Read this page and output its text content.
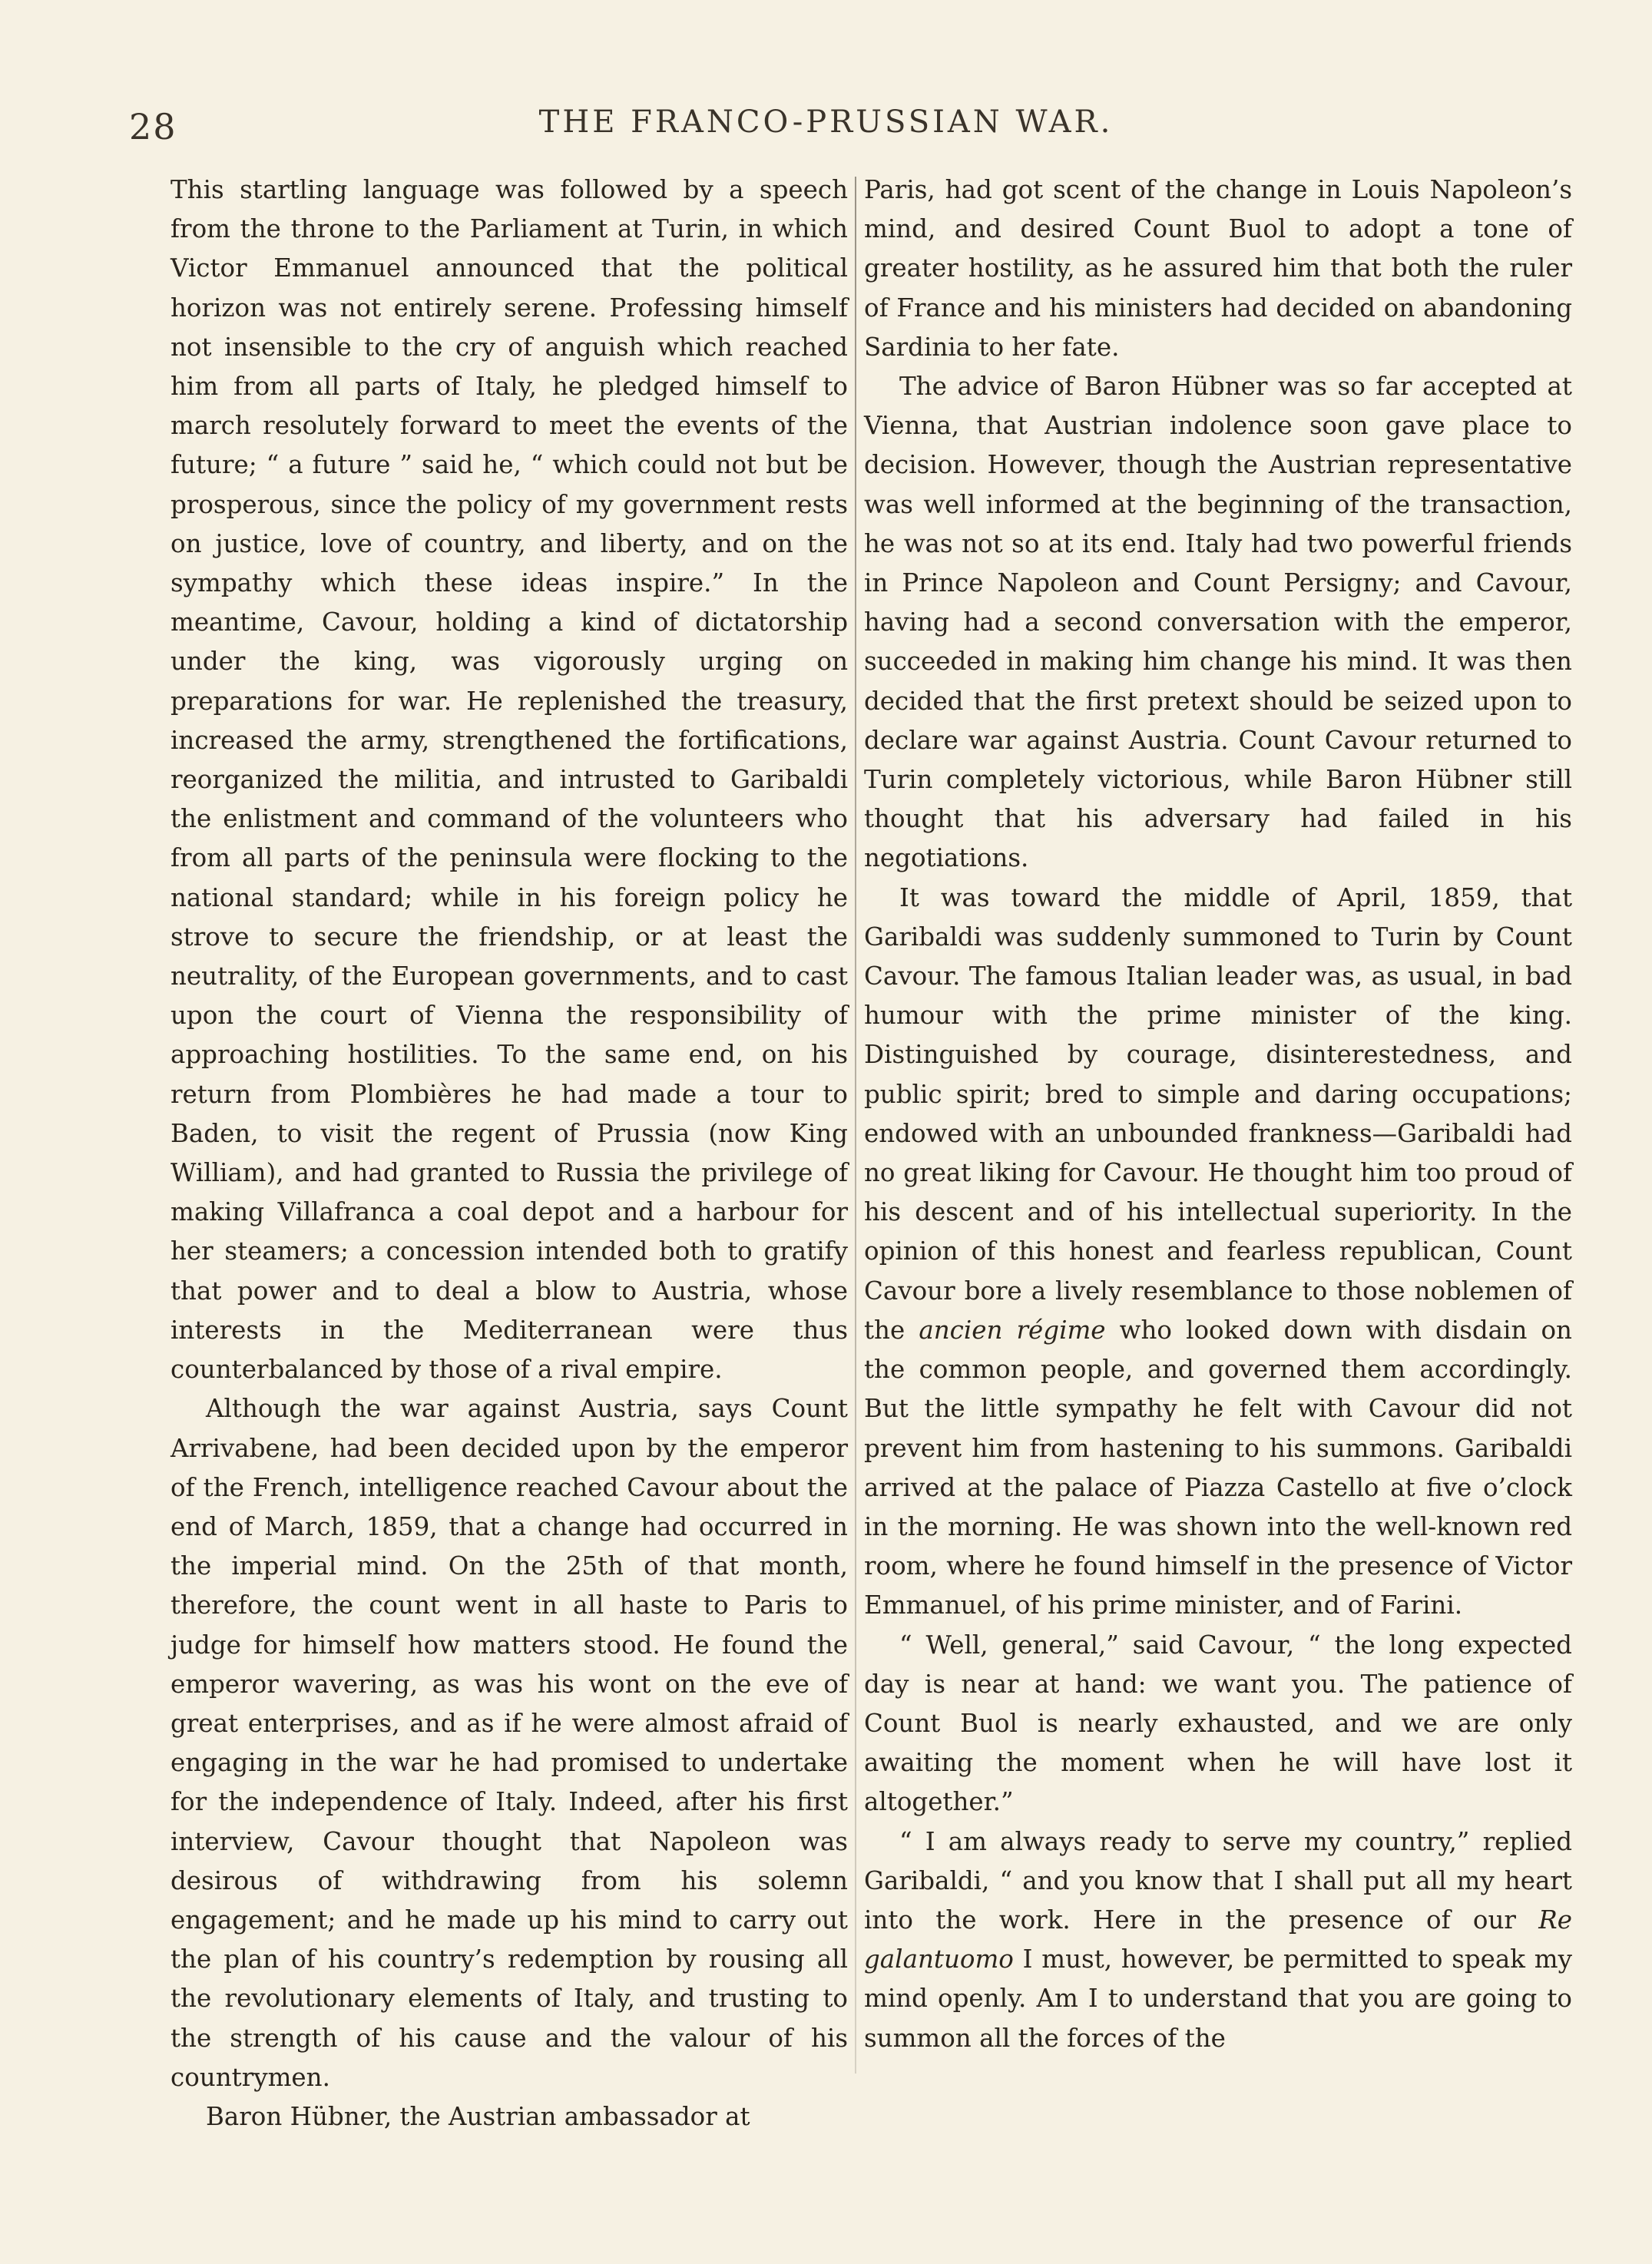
28	THE FRANCO-PRUSSIAN WAR.

This startling language was followed by a speech from the throne to the Parliament at Turin, in which Victor Emmanuel announced that the political horizon was not entirely serene. Professing himself not insensible to the cry of anguish which reached him from all parts of Italy, he pledged himself to march resolutely forward to meet the events of the future; “ a future ” said he, “ which could not but be prosperous, since the policy of my government rests on justice, love of country, and liberty, and on the sympathy which these ideas inspire.” In the meantime, Cavour, holding a kind of dictatorship under the king, was vigorously urging on preparations for war. He replenished the treasury, increased the army, strengthened the fortifications, reorganized the militia, and intrusted to Garibaldi the enlistment and command of the volunteers who from all parts of the peninsula were flocking to the national standard; while in his foreign policy he strove to secure the friendship, or at least the neutrality, of the European governments, and to cast upon the court of Vienna the responsibility of approaching hostilities. To the same end, on his return from Plombières he had made a tour to Baden, to visit the regent of Prussia (now King William), and had granted to Russia the privilege of making Villafranca a coal depot and a harbour for her steamers; a concession intended both to gratify that power and to deal a blow to Austria, whose interests in the Mediterranean were thus counterbalanced by those of a rival empire.

Although the war against Austria, says Count Arrivabene, had been decided upon by the emperor of the French, intelligence reached Cavour about the end of March, 1859, that a change had occurred in the imperial mind. On the 25th of that month, therefore, the count went in all haste to Paris to judge for himself how matters stood. He found the emperor wavering, as was his wont on the eve of great enterprises, and as if he were almost afraid of engaging in the war he had promised to undertake for the independence of Italy. Indeed, after his first interview, Cavour thought that Napoleon was desirous of withdrawing from his solemn engagement; and he made up his mind to carry out the plan of his country’s redemption by rousing all the revolutionary elements of Italy, and trusting to the strength of his cause and the valour of his countrymen.

Baron Hübner, the Austrian ambassador at

Paris, had got scent of the change in Louis Napoleon’s mind, and desired Count Buol to adopt a tone of greater hostility, as he assured him that both the ruler of France and his ministers had decided on abandoning Sardinia to her fate.

The advice of Baron Hübner was so far accepted at Vienna, that Austrian indolence soon gave place to decision. However, though the Austrian representative was well informed at the beginning of the transaction, he was not so at its end. Italy had two powerful friends in Prince Napoleon and Count Persigny; and Cavour, having had a second conversation with the emperor, succeeded in making him change his mind. It was then decided that the first pretext should be seized upon to declare war against Austria. Count Cavour returned to Turin completely victorious, while Baron Hübner still thought that his adversary had failed in his negotiations.

It was toward the middle of April, 1859, that Garibaldi was suddenly summoned to Turin by Count Cavour. The famous Italian leader was, as usual, in bad humour with the prime minister of the king. Distinguished by courage, disinterestedness, and public spirit; bred to simple and daring occupations; endowed with an unbounded frankness—Garibaldi had no great liking for Cavour. He thought him too proud of his descent and of his intellectual superiority. In the opinion of this honest and fearless republican, Count Cavour bore a lively resemblance to those noblemen of the ancien régime who looked down with disdain on the common people, and governed them accordingly. But the little sympathy he felt with Cavour did not prevent him from hastening to his summons. Garibaldi arrived at the palace of Piazza Castello at five o’clock in the morning. He was shown into the well-known red room, where he found himself in the presence of Victor Emmanuel, of his prime minister, and of Farini.

“ Well, general,” said Cavour, “ the long expected day is near at hand: we want you. The patience of Count Buol is nearly exhausted, and we are only awaiting the moment when he will have lost it altogether.”

“ I am always ready to serve my country,” replied Garibaldi, “ and you know that I shall put all my heart into the work. Here in the presence of our Re galantuomo I must, however, be permitted to speak my mind openly. Am I to understand that you are going to summon all the forces of the
